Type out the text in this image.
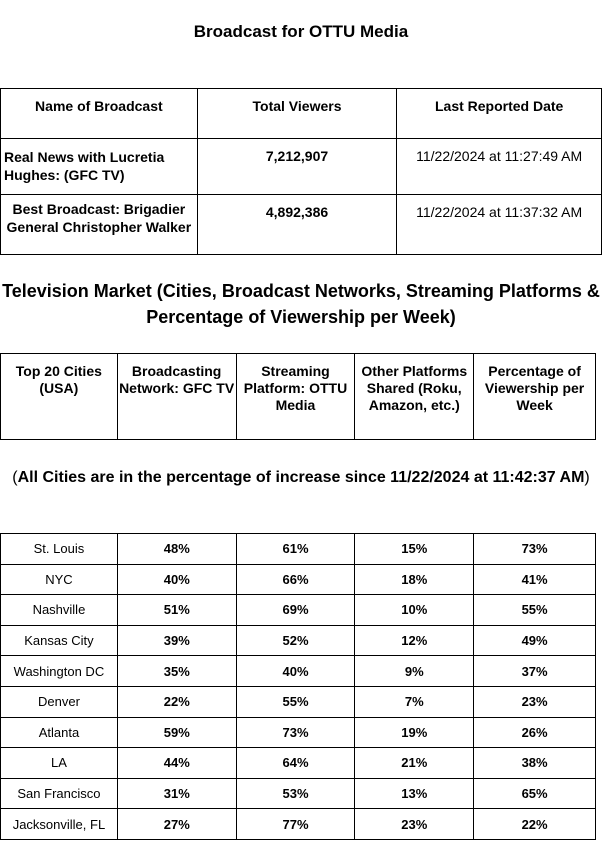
Broadcast for OTTU Media
Name of Broadcast	Total Viewers	Last Reported Date
Real News with Lucretia Hughes: (GFC TV)	7,212,907	11/22/2024 at 11:27:49 AM
Best Broadcast: Brigadier General Christopher Walker	4,892,386	11/22/2024 at 11:37:32 AM
Television Market (Cities, Broadcast Networks, Streaming Platforms & Percentage of Viewership per Week)
Top 20 Cities (USA)	Broadcasting Network: GFC TV	Streaming Platform: OTTU Media	Other Platforms Shared (Roku, Amazon, etc.)	Percentage of Viewership per Week
(All Cities are in the percentage of increase since 11/22/2024 at 11:42:37 AM)
St. Louis	48%	61%	15%	73%
NYC	40%	66%	18%	41%
Nashville	51%	69%	10%	55%
Kansas City	39%	52%	12%	49%
Washington DC	35%	40%	9%	37%
Denver	22%	55%	7%	23%
Atlanta	59%	73%	19%	26%
LA	44%	64%	21%	38%
San Francisco	31%	53%	13%	65%
Jacksonville, FL	27%	77%	23%	22%
